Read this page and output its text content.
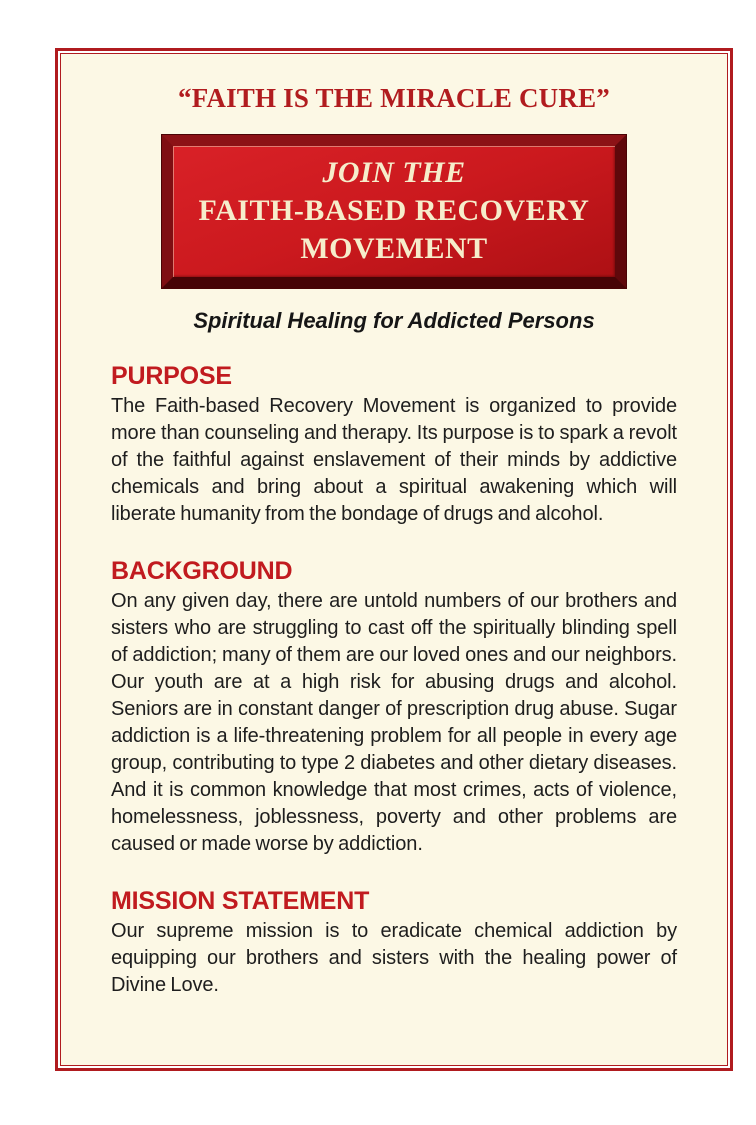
“FAITH IS THE MIRACLE CURE”
JOIN THE
FAITH-BASED RECOVERY
MOVEMENT
Spiritual Healing for Addicted Persons
PURPOSE
The Faith-based Recovery Movement is organized to provide more than counseling and therapy. Its purpose is to spark a revolt of the faithful against enslavement of their minds by addictive chemicals and bring about a spiritual awakening which will liberate humanity from the bondage of drugs and alcohol.
BACKGROUND
On any given day, there are untold numbers of our brothers and sisters who are struggling to cast off the spiritually blinding spell of addiction; many of them are our loved ones and our neighbors. Our youth are at a high risk for abusing drugs and alcohol. Seniors are in constant danger of prescription drug abuse. Sugar addiction is a life-threatening problem for all people in every age group, contributing to type 2 diabetes and other dietary diseases. And it is common knowledge that most crimes, acts of violence, homelessness, joblessness, poverty and other problems are caused or made worse by addiction.
MISSION STATEMENT
Our supreme mission is to eradicate chemical addiction by equipping our brothers and sisters with the healing power of Divine Love.
